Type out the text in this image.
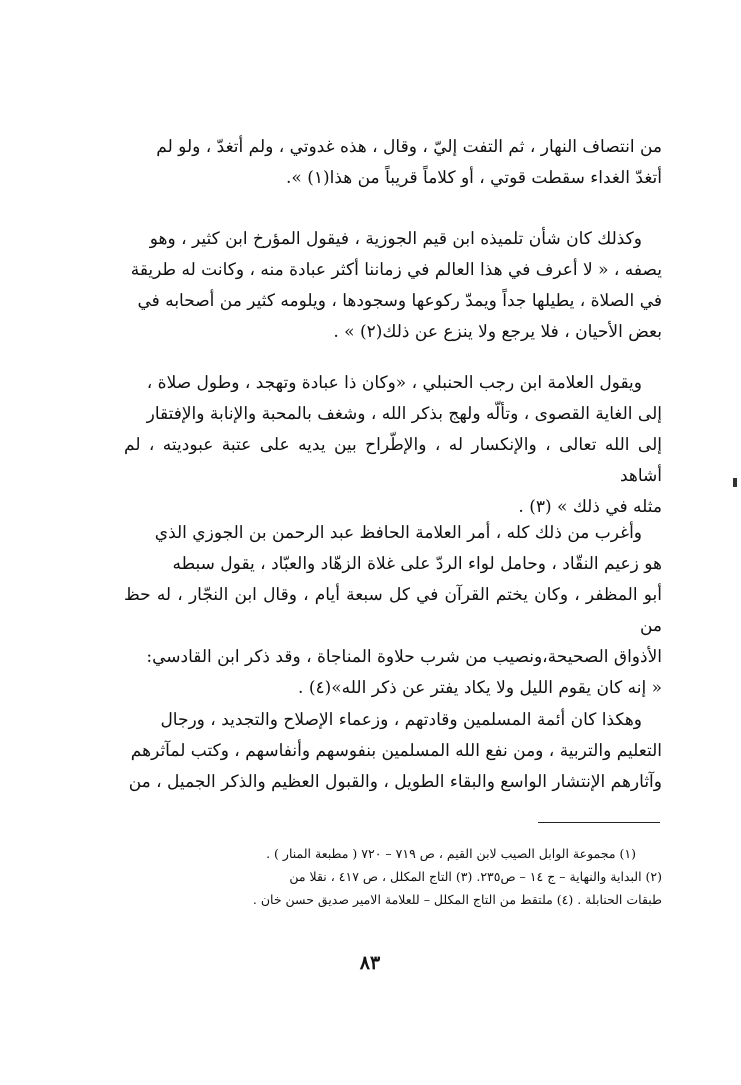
من انتصاف النهار ، ثم التفت إليّ ، وقال ، هذه غدوتي ، ولم أتغدّ ، ولو لم

أتغدّ الغداء سقطت قوتي ، أو كلاماً قريباً من هذا(١) ».

وكذلك كان شأن تلميذه ابن قيم الجوزية ، فيقول المؤرخ ابن كثير ، وهو

يصفه ، « لا أعرف في هذا العالم في زماننا أكثر عبادة منه ، وكانت له طريقة

في الصلاة ، يطيلها جداً ويمدّ ركوعها وسجودها ، ويلومه كثير من أصحابه في

بعض الأحيان ، فلا يرجع ولا ينزع عن ذلك(٢) » .

ويقول العلامة ابن رجب الحنبلي ، «وكان ذا عبادة وتهجد ، وطول صلاة ،

إلى الغاية القصوى ، وتألّه ولهج بذكر الله ، وشغف بالمحبة والإنابة والإفتقار

إلى الله تعالى ، والإنكسار له ، والإطّراح بين يديه على عتبة عبوديته ، لم أشاهد

مثله في ذلك » (٣) .

وأغرب من ذلك كله ، أمر العلامة الحافظ عبد الرحمن بن الجوزي الذي

هو زعيم النقّاد ، وحامل لواء الردّ على غلاة الزهّاد والعبّاد ، يقول سبطه

أبو المظفر ، وكان يختم القرآن في كل سبعة أيام ، وقال ابن النجّار ، له حظ من

الأذواق الصحيحة،ونصيب من شرب حلاوة المناجاة ، وقد ذكر ابن القادسي:

« إنه كان يقوم الليل ولا يكاد يفتر عن ذكر الله»(٤) .

وهكذا كان أئمة المسلمين وقادتهم ، وزعماء الإصلاح والتجديد ، ورجال

التعليم والتربية ، ومن نفع الله المسلمين بنفوسهم وأنفاسهم ، وكتب لمآثرهم

وآثارهم الإنتشار الواسع والبقاء الطويل ، والقبول العظيم والذكر الجميل ، من

(١) مجموعة الوابل الصيب لابن القيم ، ص ٧١٩ – ٧٢٠ ( مطبعة المنار ) .

(٢) البداية والنهاية – ج ١٤ – ص٢٣٥. (٣) التاج المكلل ، ص ٤١٧ ، نقلا من

طبقات الحنابلة . (٤) ملتقط من التاج المكلل – للعلامة الامير صديق حسن خان .

٨٣
